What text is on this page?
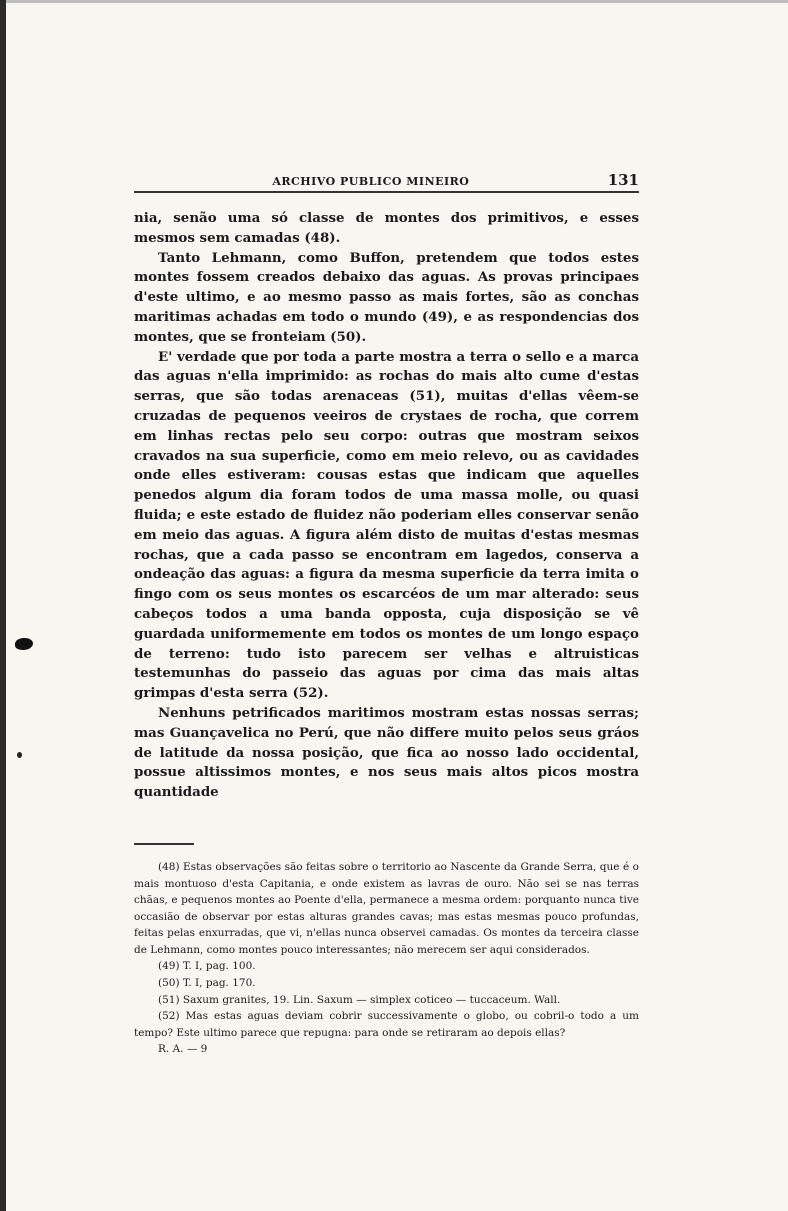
ARCHIVO PUBLICO MINEIRO	131

nia, senão uma só classe de montes dos primitivos, e esses mesmos sem camadas (48).

Tanto Lehmann, como Buffon, pretendem que todos estes montes fossem creados debaixo das aguas. As provas principaes d'este ultimo, e ao mesmo passo as mais fortes, são as conchas maritimas achadas em todo o mundo (49), e as respondencias dos montes, que se fronteiam (50).

E' verdade que por toda a parte mostra a terra o sello e a marca das aguas n'ella imprimido: as rochas do mais alto cume d'estas serras, que são todas arenaceas (51), muitas d'ellas vêem-se cruzadas de pequenos veeiros de crystaes de rocha, que correm em linhas rectas pelo seu corpo: outras que mostram seixos cravados na sua superficie, como em meio relevo, ou as cavidades onde elles estiveram: cousas estas que indicam que aquelles penedos algum dia foram todos de uma massa molle, ou quasi fluida; e este estado de fluidez não poderiam elles conservar senão em meio das aguas. A figura além disto de muitas d'estas mesmas rochas, que a cada passo se encontram em lagedos, conserva a ondeação das aguas: a figura da mesma superficie da terra imita o fingo com os seus montes os escarcéos de um mar alterado: seus cabeços todos a uma banda opposta, cuja disposição se vê guardada uniformemente em todos os montes de um longo espaço de terreno: tudo isto parecem ser velhas e altruisticas testemunhas do passeio das aguas por cima das mais altas grimpas d'esta serra (52).

Nenhuns petrificados maritimos mostram estas nossas serras; mas Guançavelica no Perú, que não differe muito pelos seus gráos de latitude da nossa posição, que fica ao nosso lado occidental, possue altissimos montes, e nos seus mais altos picos mostra quantidade

(48) Estas observações são feitas sobre o territorio ao Nascente da Grande Serra, que é o mais montuoso d'esta Capitania, e onde existem as lavras de ouro. Não sei se nas terras chãas, e pequenos montes ao Poente d'ella, permanece a mesma ordem: porquanto nunca tive occasião de observar por estas alturas grandes cavas; mas estas mesmas pouco profundas, feitas pelas enxurradas, que vi, n'ellas nunca observei camadas. Os montes da terceira classe de Lehmann, como montes pouco interessantes; não merecem ser aqui considerados.

(49) T. I, pag. 100.

(50) T. I, pag. 170.

(51) Saxum granites, 19. Lin. Saxum — simplex coticeo — tuccaceum. Wall.

(52) Mas estas aguas deviam cobrir successivamente o globo, ou cobril-o todo a um tempo? Este ultimo parece que repugna: para onde se retiraram ao depois ellas?

R. A. — 9
